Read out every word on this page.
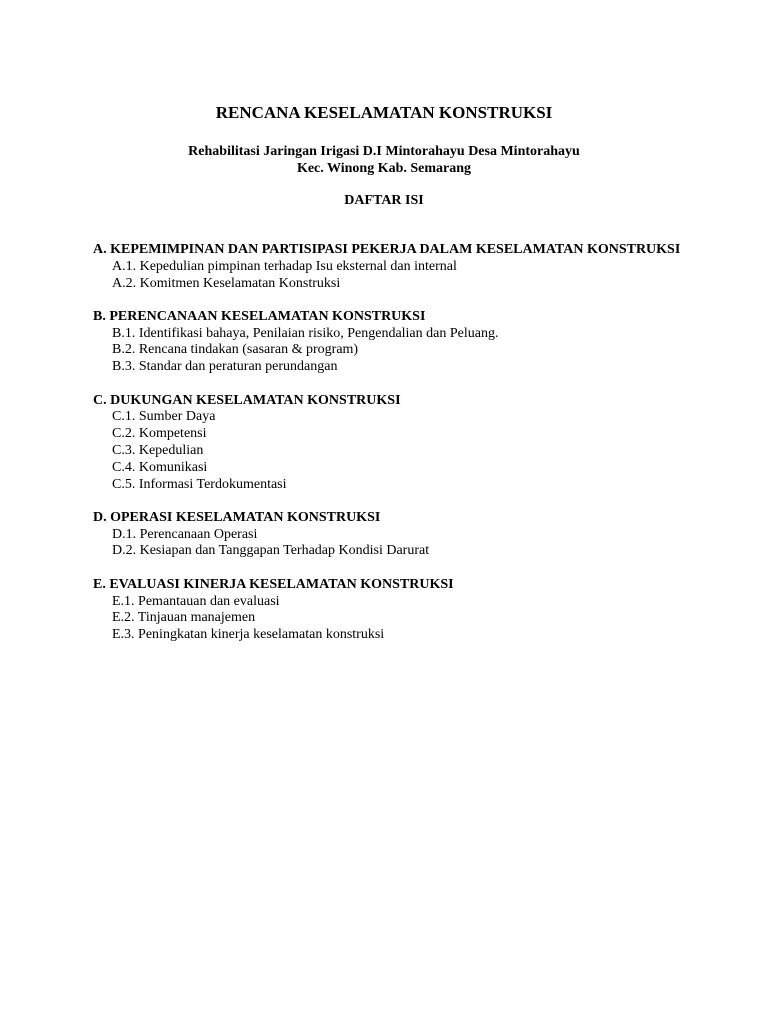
RENCANA KESELAMATAN KONSTRUKSI
Rehabilitasi Jaringan Irigasi D.I Mintorahayu Desa Mintorahayu
Kec. Winong Kab. Semarang
DAFTAR ISI
A. KEPEMIMPINAN DAN PARTISIPASI PEKERJA DALAM KESELAMATAN KONSTRUKSI
A.1. Kepedulian pimpinan terhadap Isu eksternal dan internal
A.2. Komitmen Keselamatan Konstruksi
B. PERENCANAAN KESELAMATAN KONSTRUKSI
B.1. Identifikasi bahaya, Penilaian risiko, Pengendalian dan Peluang.
B.2. Rencana tindakan (sasaran & program)
B.3. Standar dan peraturan perundangan
C. DUKUNGAN KESELAMATAN KONSTRUKSI
C.1. Sumber Daya
C.2. Kompetensi
C.3. Kepedulian
C.4. Komunikasi
C.5. Informasi Terdokumentasi
D. OPERASI KESELAMATAN KONSTRUKSI
D.1. Perencanaan Operasi
D.2. Kesiapan dan Tanggapan Terhadap Kondisi Darurat
E. EVALUASI KINERJA KESELAMATAN KONSTRUKSI
E.1. Pemantauan dan evaluasi
E.2. Tinjauan manajemen
E.3. Peningkatan kinerja keselamatan konstruksi
